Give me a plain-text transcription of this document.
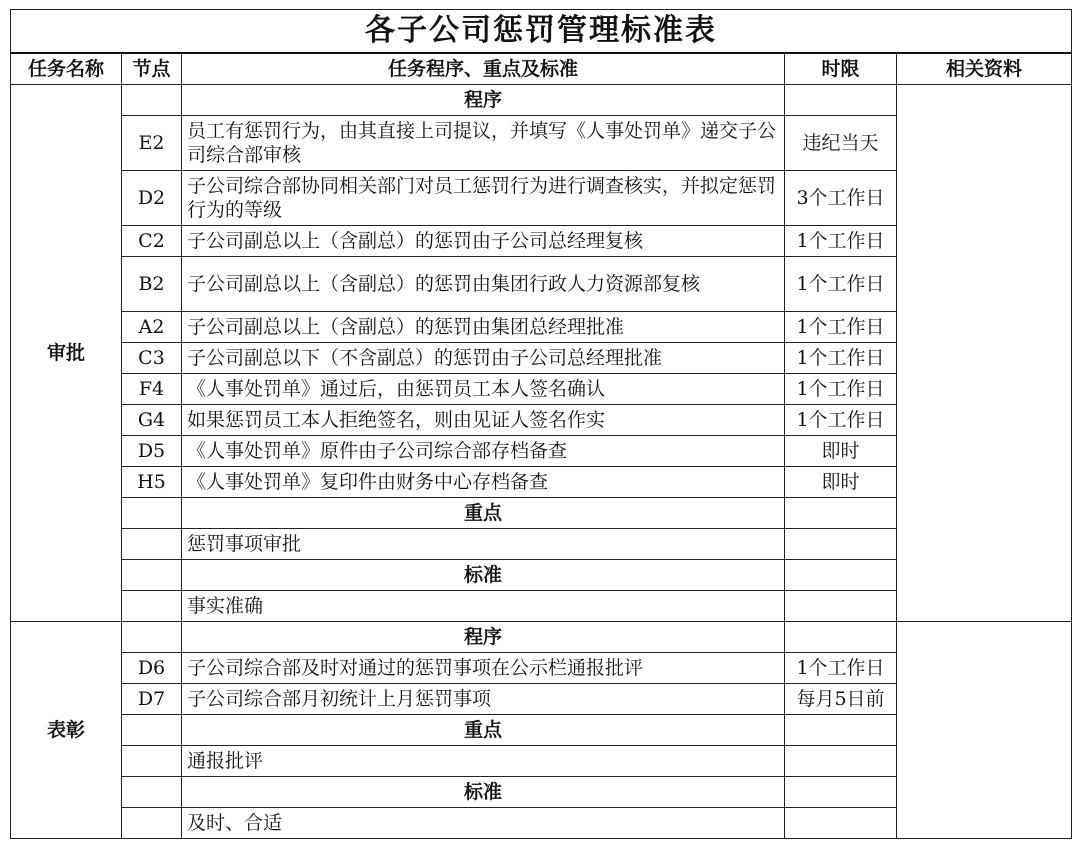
各子公司惩罚管理标准表				
任务名称	节点	任务程序、重点及标准	时限	相关资料
审批		程序		
	E2	员工有惩罚行为，由其直接上司提议，并填写《人事处罚单》递交子公司综合部审核	违纪当天	
	D2	子公司综合部协同相关部门对员工惩罚行为进行调查核实，并拟定惩罚行为的等级	3个工作日	
	C2	子公司副总以上（含副总）的惩罚由子公司总经理复核	1个工作日	
	B2	子公司副总以上（含副总）的惩罚由集团行政人力资源部复核	1个工作日	
	A2	子公司副总以上（含副总）的惩罚由集团总经理批准	1个工作日	
	C3	子公司副总以下（不含副总）的惩罚由子公司总经理批准	1个工作日	
	F4	《人事处罚单》通过后，由惩罚员工本人签名确认	1个工作日	
	G4	如果惩罚员工本人拒绝签名，则由见证人签名作实	1个工作日	
	D5	《人事处罚单》原件由子公司综合部存档备查	即时	
	H5	《人事处罚单》复印件由财务中心存档备查	即时	
		重点		
		惩罚事项审批		
		标准		
		事实准确		
表彰		程序		
	D6	子公司综合部及时对通过的惩罚事项在公示栏通报批评	1个工作日	
	D7	子公司综合部月初统计上月惩罚事项	每月5日前	
		重点		
		通报批评		
		标准		
		及时、合适		
